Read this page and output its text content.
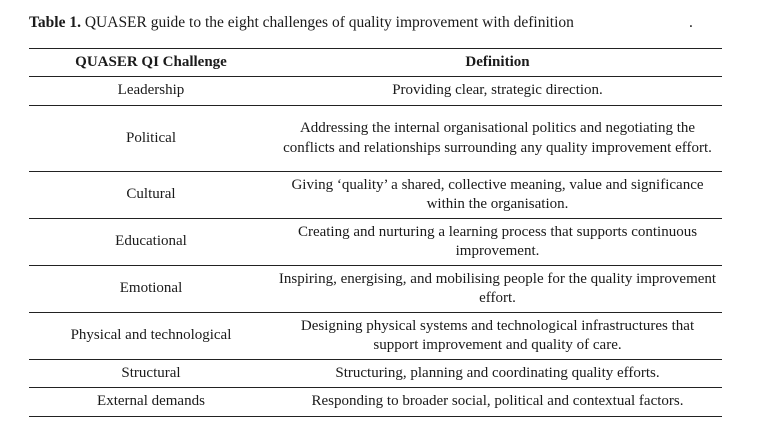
Table 1. QUASER guide to the eight challenges of quality improvement with definition	.
QUASER QI Challenge	Definition
Leadership	Providing clear, strategic direction.
Political	Addressing the internal organisational politics and negotiating the conflicts and relationships surrounding any quality improvement effort.
Cultural	Giving ‘quality’ a shared, collective meaning, value and significance within the organisation.
Educational	Creating and nurturing a learning process that supports continuous improvement.
Emotional	Inspiring, energising, and mobilising people for the quality improvement effort.
Physical and technological	Designing physical systems and technological infrastructures that support improvement and quality of care.
Structural	Structuring, planning and coordinating quality efforts.
External demands	Responding to broader social, political and contextual factors.
